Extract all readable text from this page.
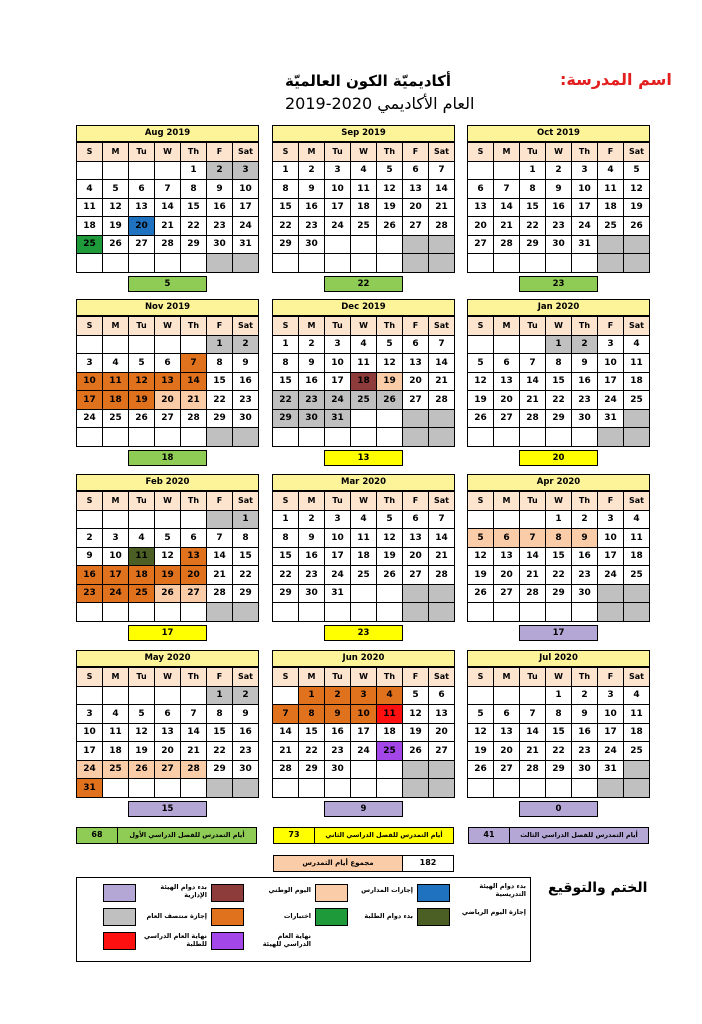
اسم المدرسة:
أكاديميّة الكون العالميّة
العام الأكاديمي 2020-2019
Aug 2019
S	M	Tu	W	Th	F	Sat
				1	2	3
4	5	6	7	8	9	10
11	12	13	14	15	16	17
18	19	20	21	22	23	24
25	26	27	28	29	30	31

5
Sep 2019
S	M	Tu	W	Th	F	Sat
1	2	3	4	5	6	7
8	9	10	11	12	13	14
15	16	17	18	19	20	21
22	23	24	25	26	27	28
29	30					

22
Oct 2019
S	M	Tu	W	Th	F	Sat
		1	2	3	4	5
6	7	8	9	10	11	12
13	14	15	16	17	18	19
20	21	22	23	24	25	26
27	28	29	30	31		

23
Nov 2019
S	M	Tu	W	Th	F	Sat
					1	2
3	4	5	6	7	8	9
10	11	12	13	14	15	16
17	18	19	20	21	22	23
24	25	26	27	28	29	30

18
Dec 2019
S	M	Tu	W	Th	F	Sat
1	2	3	4	5	6	7
8	9	10	11	12	13	14
15	16	17	18	19	20	21
22	23	24	25	26	27	28
29	30	31				

13
Jan 2020
S	M	Tu	W	Th	F	Sat
			1	2	3	4
5	6	7	8	9	10	11
12	13	14	15	16	17	18
19	20	21	22	23	24	25
26	27	28	29	30	31	

20
Feb 2020
S	M	Tu	W	Th	F	Sat
						1
2	3	4	5	6	7	8
9	10	11	12	13	14	15
16	17	18	19	20	21	22
23	24	25	26	27	28	29

17
Mar 2020
S	M	Tu	W	Th	F	Sat
1	2	3	4	5	6	7
8	9	10	11	12	13	14
15	16	17	18	19	20	21
22	23	24	25	26	27	28
29	30	31				

23
Apr 2020
S	M	Tu	W	Th	F	Sat
			1	2	3	4
5	6	7	8	9	10	11
12	13	14	15	16	17	18
19	20	21	22	23	24	25
26	27	28	29	30		

17
May 2020
S	M	Tu	W	Th	F	Sat
					1	2
3	4	5	6	7	8	9
10	11	12	13	14	15	16
17	18	19	20	21	22	23
24	25	26	27	28	29	30
31						
15
Jun 2020
S	M	Tu	W	Th	F	Sat
	1	2	3	4	5	6
7	8	9	10	11	12	13
14	15	16	17	18	19	20
21	22	23	24	25	26	27
28	29	30				

9
Jul 2020
S	M	Tu	W	Th	F	Sat
			1	2	3	4
5	6	7	8	9	10	11
12	13	14	15	16	17	18
19	20	21	22	23	24	25
26	27	28	29	30	31	

0
68	أيام التمدرس للفصل الدراسي الأول	73	أيام التمدرس للفصل الدراسي الثاني	41	أيام التمدرس للفصل الدراسي الثالث
مجموع أيام التمدرس	182
بدء دوام الهيئة الإدارية
اليوم الوطني	إجازات المدارس	بدء دوام الهيئة التدريسية
إجازة منتصف العام	اختبارات	بدء دوام الطلبة	إجازة اليوم الرياضي
نهاية العام الدراسي للطلبة
نهاية العام الدراسي للهيئة
الختم والتوقيع
